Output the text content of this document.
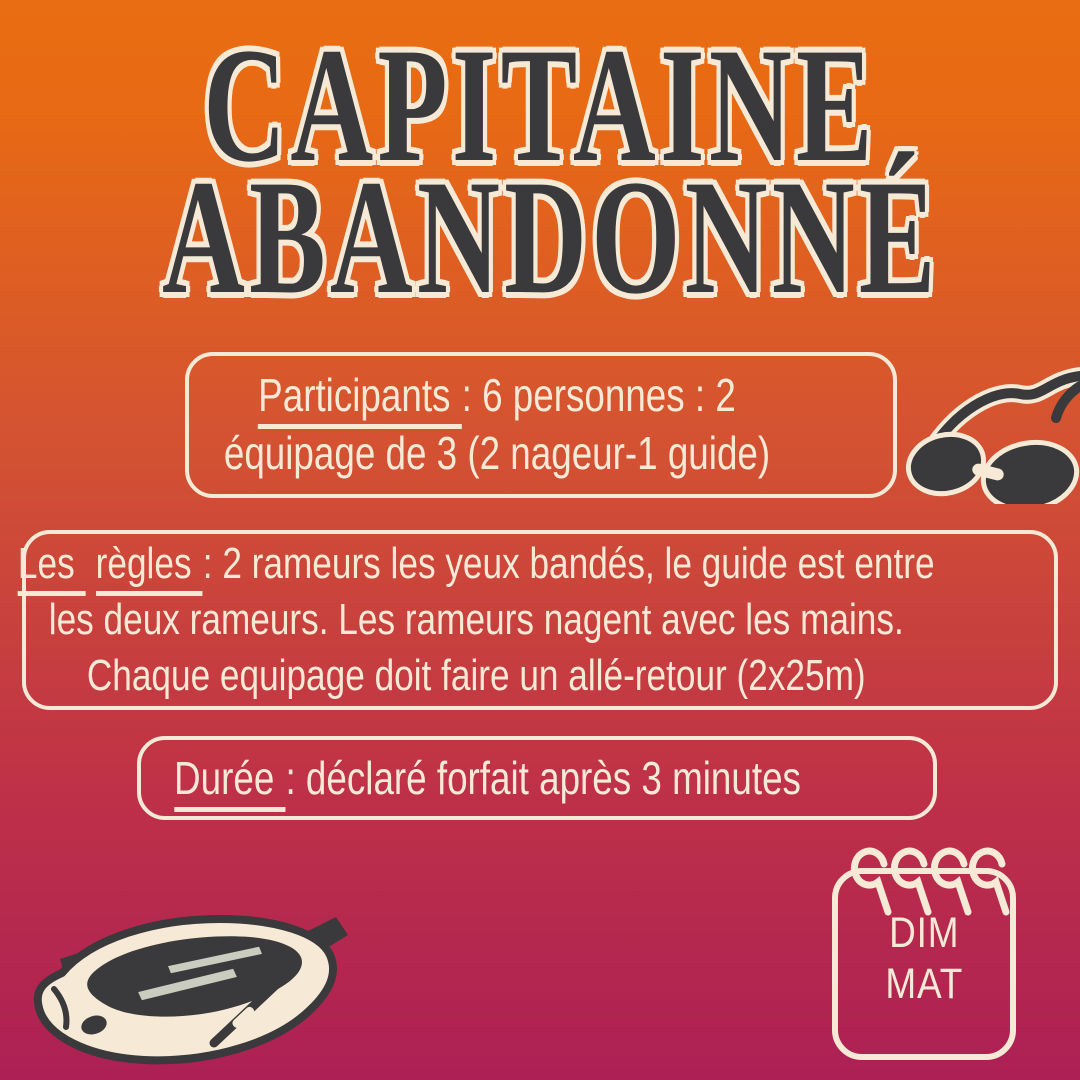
CAPITAINE
ABANDONNÉ
Participants : 6 personnes : 2 équipage de 3 (2 nageur-1 guide)
Les règles : 2 rameurs les yeux bandés, le guide est entre les deux rameurs. Les rameurs nagent avec les mains. Chaque equipage doit faire un allé-retour (2x25m)
Durée : déclaré forfait après 3 minutes
DIM
MAT
